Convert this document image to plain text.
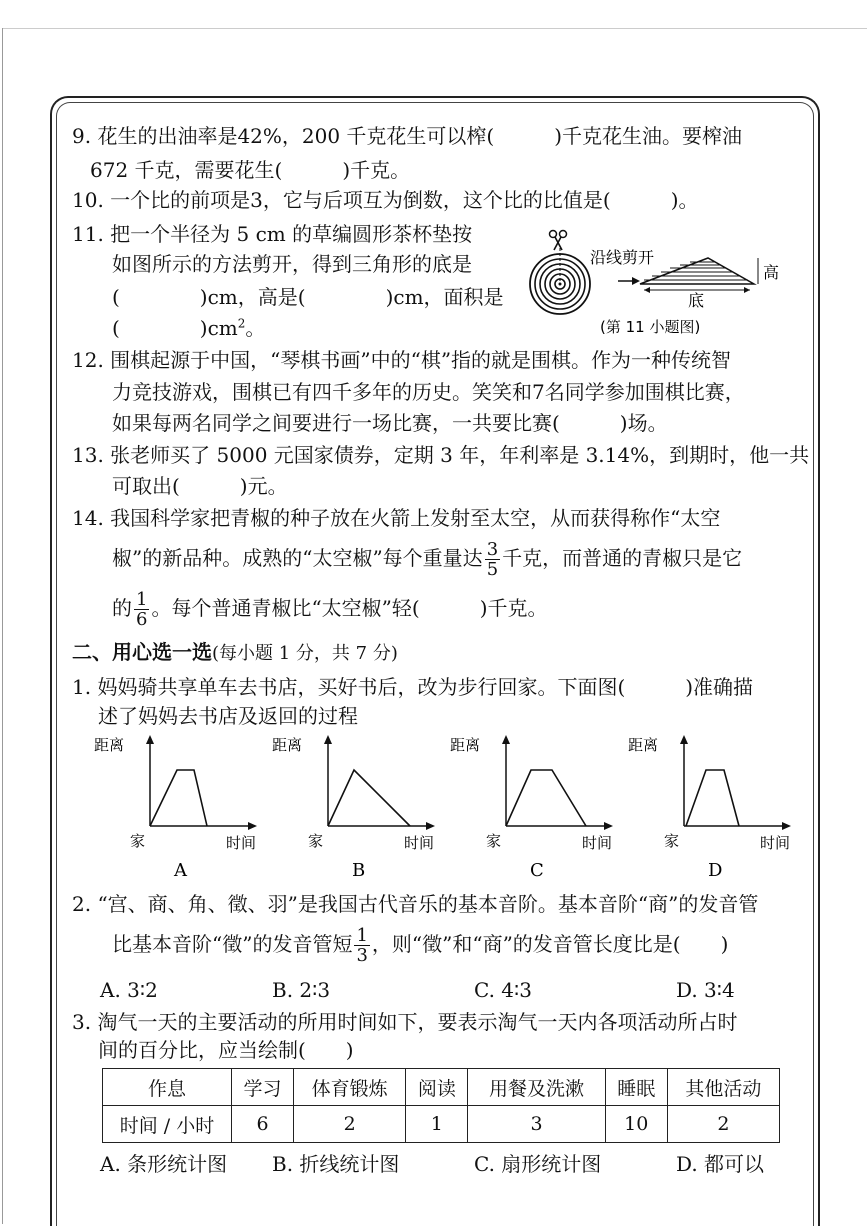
9. 花生的出油率是42%，200 千克花生可以榨(　　　)千克花生油。要榨油
672 千克，需要花生(　　　)千克。
10. 一个比的前项是3，它与后项互为倒数，这个比的比值是(　　　)。
11. 把一个半径为 5 cm 的草编圆形茶杯垫按
如图所示的方法剪开，得到三角形的底是
(　　　　)cm，高是(　　　　)cm，面积是
(　　　　)$cm^2$。
沿线剪开
高
底
(第 11 小题图)
12. 围棋起源于中国，“琴棋书画”中的“棋”指的就是围棋。作为一种传统智
力竞技游戏，围棋已有四千多年的历史。笑笑和7名同学参加围棋比赛，
如果每两名同学之间要进行一场比赛，一共要比赛(　　　)场。
13. 张老师买了 5000 元国家债券，定期 3 年，年利率是 3.14%，到期时，他一共
可取出(　　　)元。
14. 我国科学家把青椒的种子放在火箭上发射至太空，从而获得称作“太空
椒”的新品种。成熟的“太空椒”每个重量达 $\frac{3}{5}$ 千克，而普通的青椒只是它
的 $\frac{1}{6}$ 。每个普通青椒比“太空椒”轻(　　　)千克。
二、用心选一选(每小题 1 分，共 7 分)
1. 妈妈骑共享单车去书店，买好书后，改为步行回家。下面图(　　　)准确描
述了妈妈去书店及返回的过程
距离
家	时间
A
距离
家	时间
B
距离
家	时间
C
距离
家	时间
D
2. “宫、商、角、徵、羽”是我国古代音乐的基本音阶。基本音阶“商”的发音管
比基本音阶“徵”的发音管短 $\frac{1}{3}$ ，则“徵”和“商”的发音管长度比是(　　)
A. 3∶2	B. 2∶3	C. 4∶3	D. 3∶4
3. 淘气一天的主要活动的所用时间如下，要表示淘气一天内各项活动所占时
间的百分比，应当绘制(　　)
作息	学习	体育锻炼	阅读	用餐及洗漱	睡眠	其他活动
时间 / 小时	6	2	1	3	10	2
A. 条形统计图 B. 折线统计图	C. 扇形统计图	D. 都可以
